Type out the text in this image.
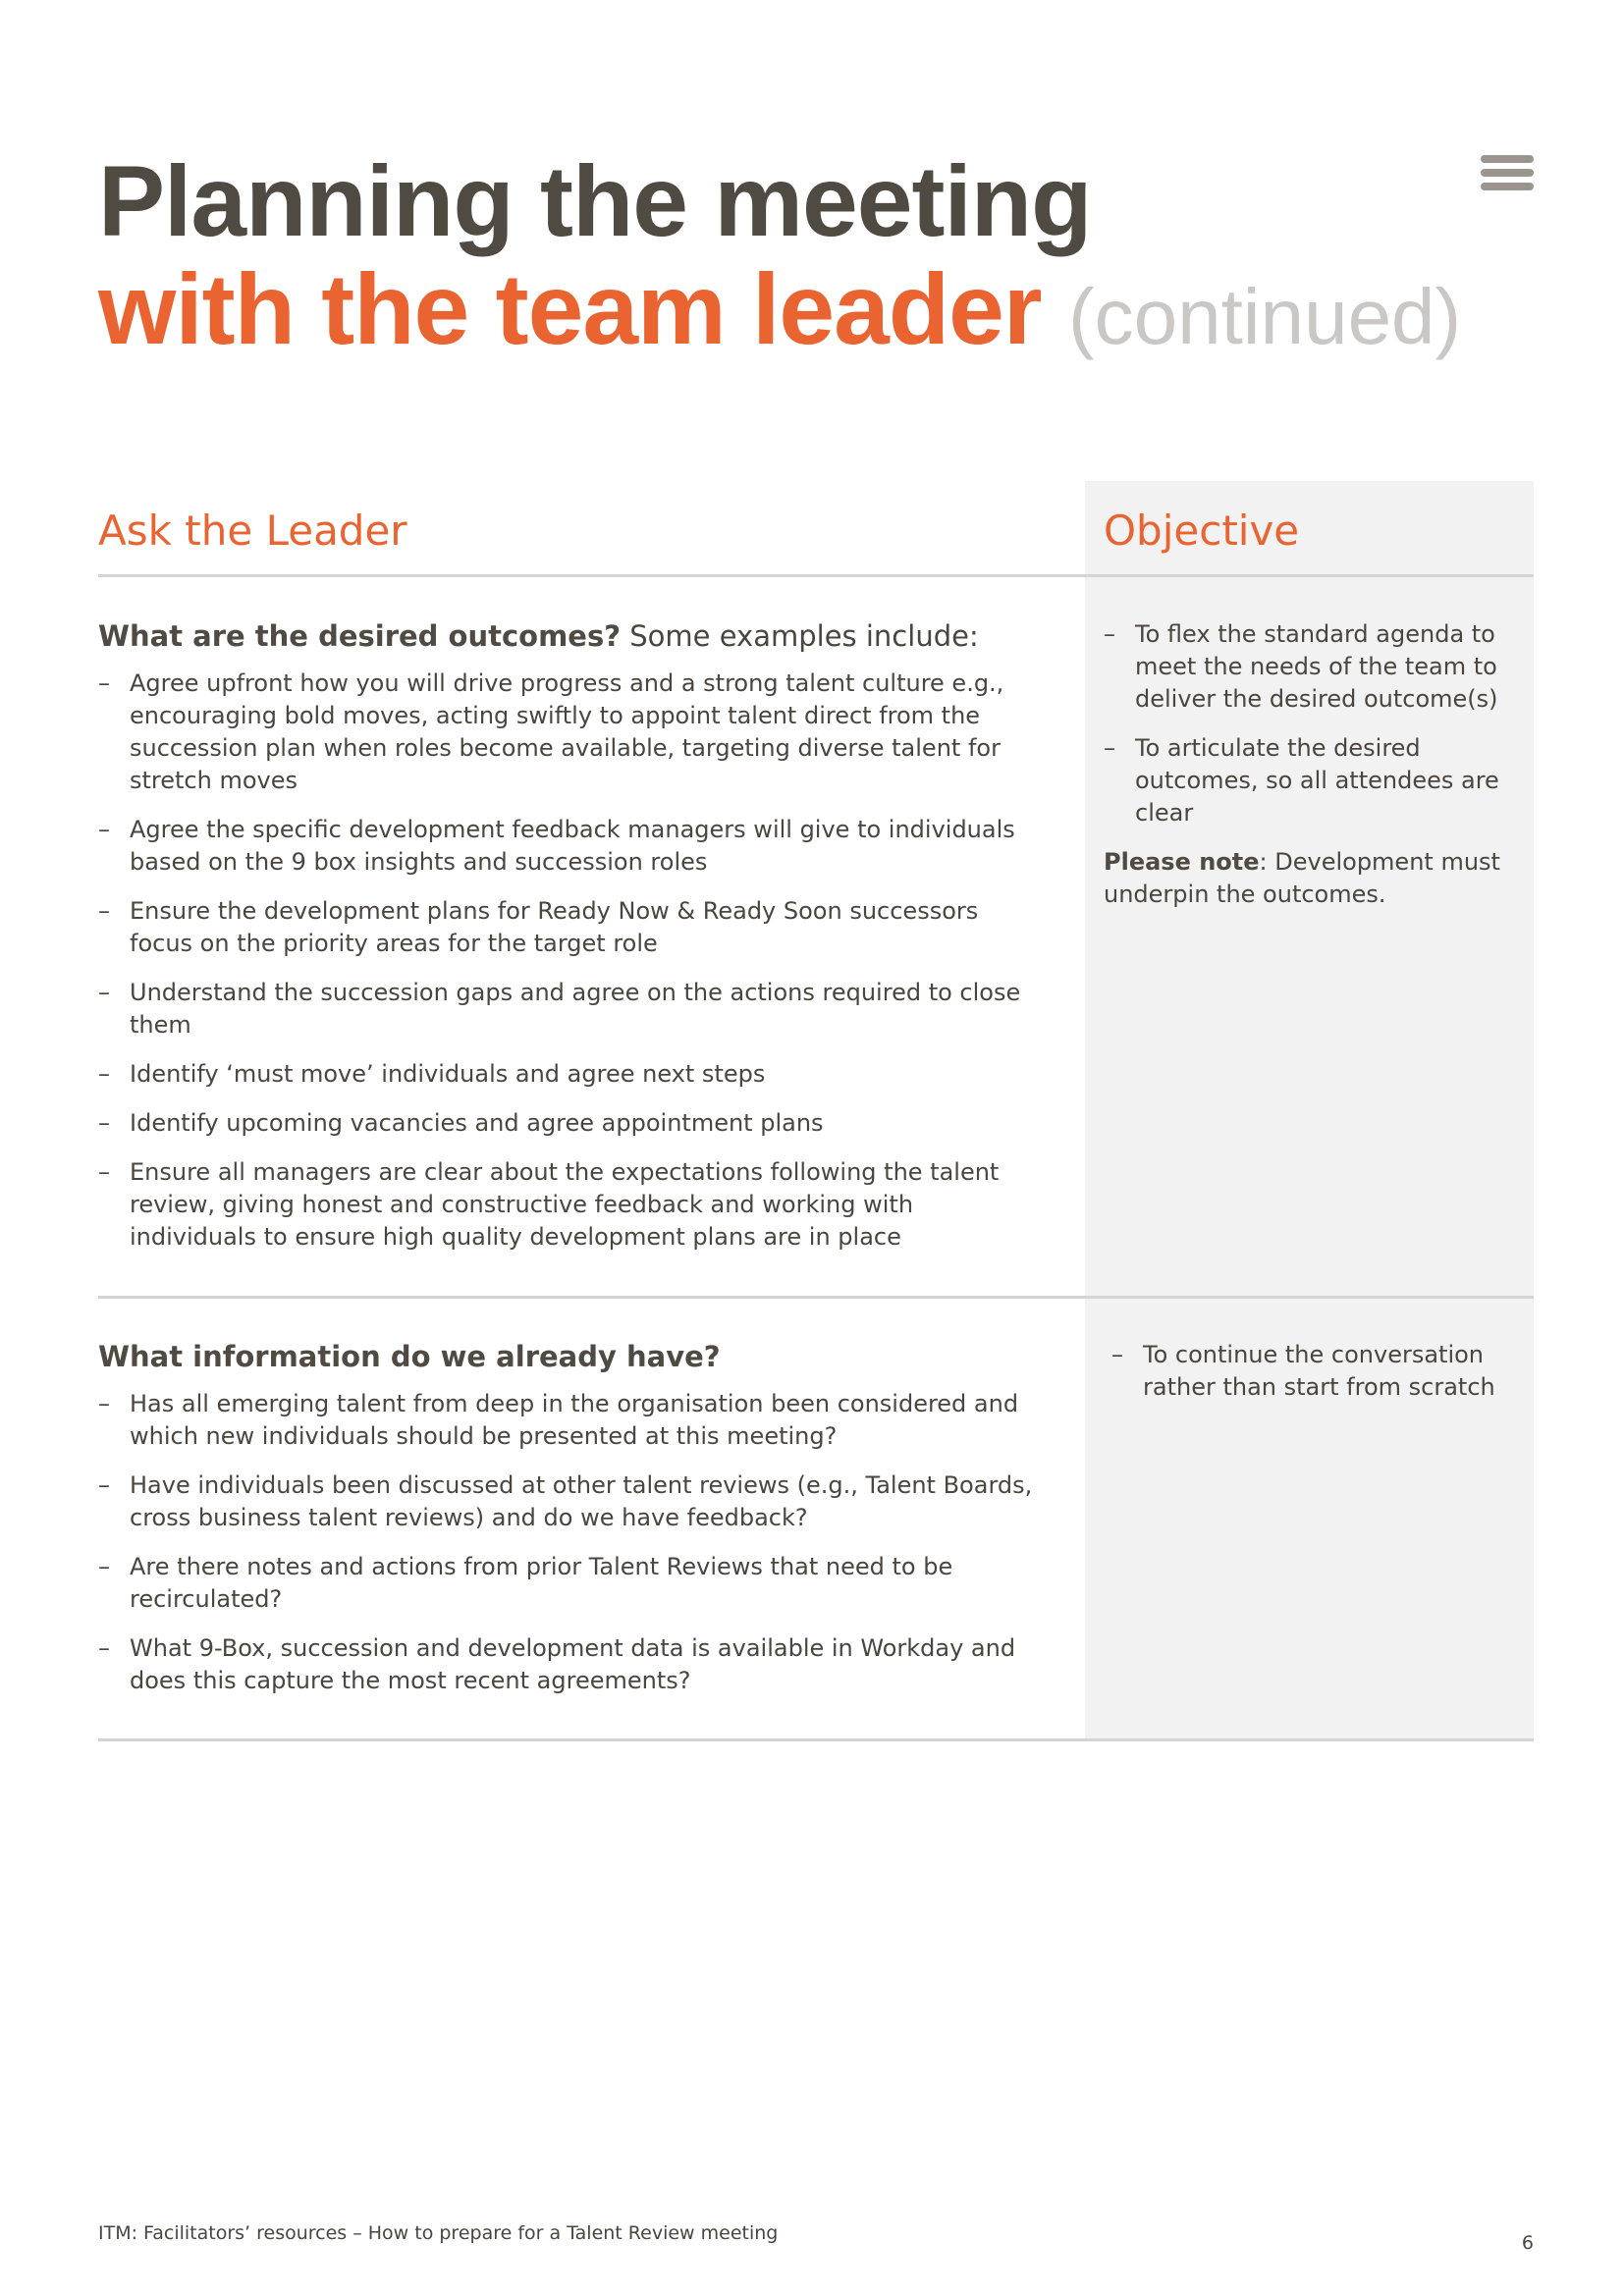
Planning the meeting
with the team leader (continued)
Ask the Leader	Objective
What are the desired outcomes? Some examples include:
– Agree upfront how you will drive progress and a strong talent culture e.g., encouraging bold moves, acting swiftly to appoint talent direct from the succession plan when roles become available, targeting diverse talent for stretch moves
– Agree the specific development feedback managers will give to individuals based on the 9 box insights and succession roles
– Ensure the development plans for Ready Now & Ready Soon successors focus on the priority areas for the target role
– Understand the succession gaps and agree on the actions required to close them
– Identify ‘must move’ individuals and agree next steps
– Identify upcoming vacancies and agree appointment plans
– Ensure all managers are clear about the expectations following the talent review, giving honest and constructive feedback and working with individuals to ensure high quality development plans are in place
– To flex the standard agenda to meet the needs of the team to deliver the desired outcome(s)
– To articulate the desired outcomes, so all attendees are clear
Please note: Development must underpin the outcomes.
What information do we already have?
– Has all emerging talent from deep in the organisation been considered and which new individuals should be presented at this meeting?
– Have individuals been discussed at other talent reviews (e.g., Talent Boards, cross business talent reviews) and do we have feedback?
– Are there notes and actions from prior Talent Reviews that need to be recirculated?
– What 9-Box, succession and development data is available in Workday and does this capture the most recent agreements?
– To continue the conversation rather than start from scratch
ITM: Facilitators’ resources – How to prepare for a Talent Review meeting	6
